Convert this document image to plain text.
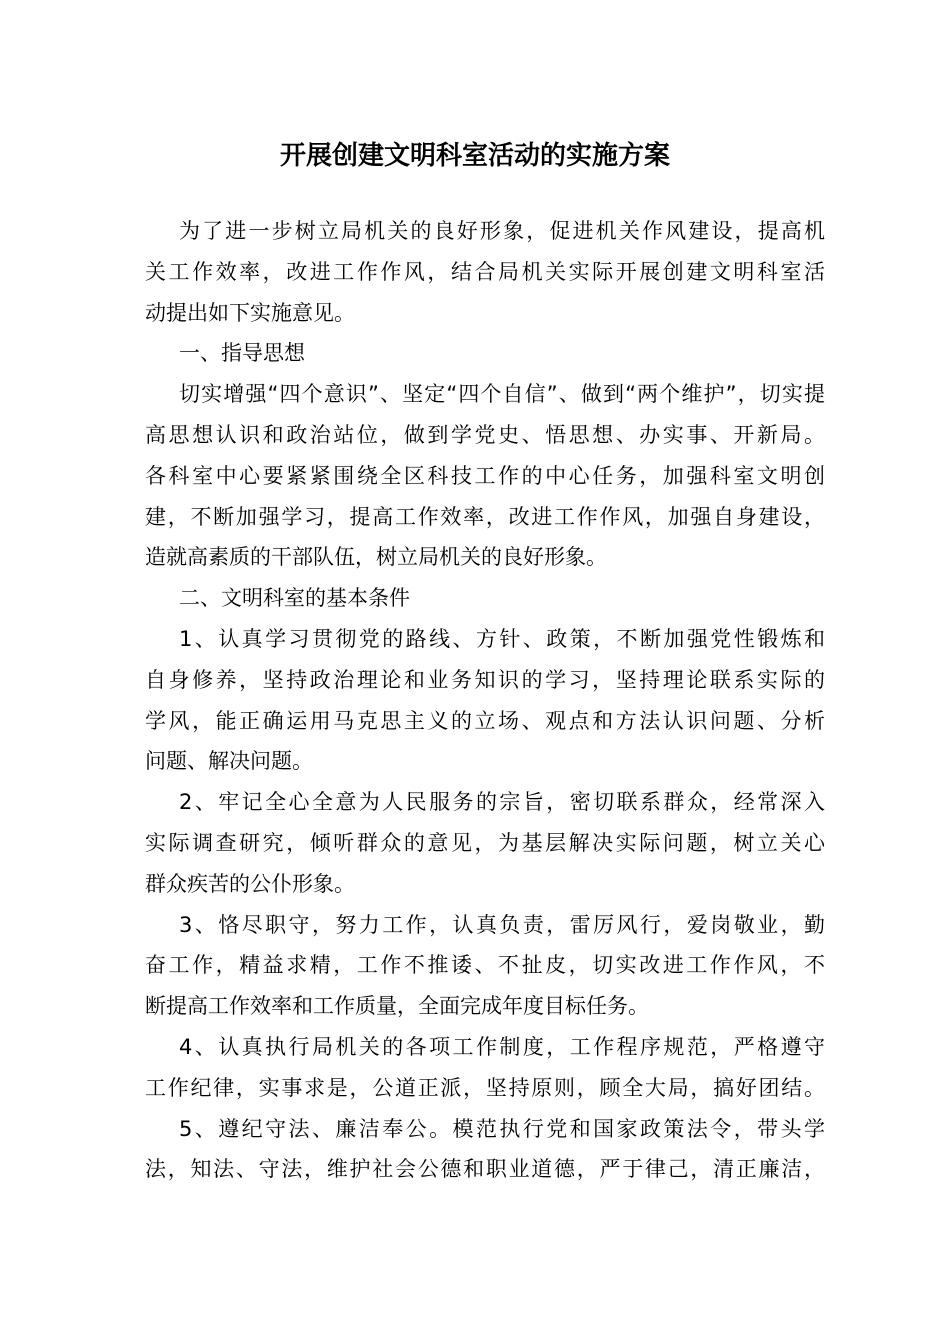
开展创建文明科室活动的实施方案
为了进一步树立局机关的良好形象，促进机关作风建设，提高机
关工作效率，改进工作作风，结合局机关实际开展创建文明科室活
动提出如下实施意见。
一、指导思想
切实增强“四个意识”、坚定“四个自信”、做到“两个维护”，切实提
高思想认识和政治站位，做到学党史、悟思想、办实事、开新局。
各科室中心要紧紧围绕全区科技工作的中心任务，加强科室文明创
建，不断加强学习，提高工作效率，改进工作作风，加强自身建设，
造就高素质的干部队伍，树立局机关的良好形象。
二、文明科室的基本条件
1、认真学习贯彻党的路线、方针、政策，不断加强党性锻炼和
自身修养，坚持政治理论和业务知识的学习，坚持理论联系实际的
学风，能正确运用马克思主义的立场、观点和方法认识问题、分析
问题、解决问题。
2、牢记全心全意为人民服务的宗旨，密切联系群众，经常深入
实际调查研究，倾听群众的意见，为基层解决实际问题，树立关心
群众疾苦的公仆形象。
3、恪尽职守，努力工作，认真负责，雷厉风行，爱岗敬业，勤
奋工作，精益求精，工作不推诿、不扯皮，切实改进工作作风，不
断提高工作效率和工作质量，全面完成年度目标任务。
4、认真执行局机关的各项工作制度，工作程序规范，严格遵守
工作纪律，实事求是，公道正派，坚持原则，顾全大局，搞好团结。
5、遵纪守法、廉洁奉公。模范执行党和国家政策法令，带头学
法，知法、守法，维护社会公德和职业道德，严于律己，清正廉洁，
